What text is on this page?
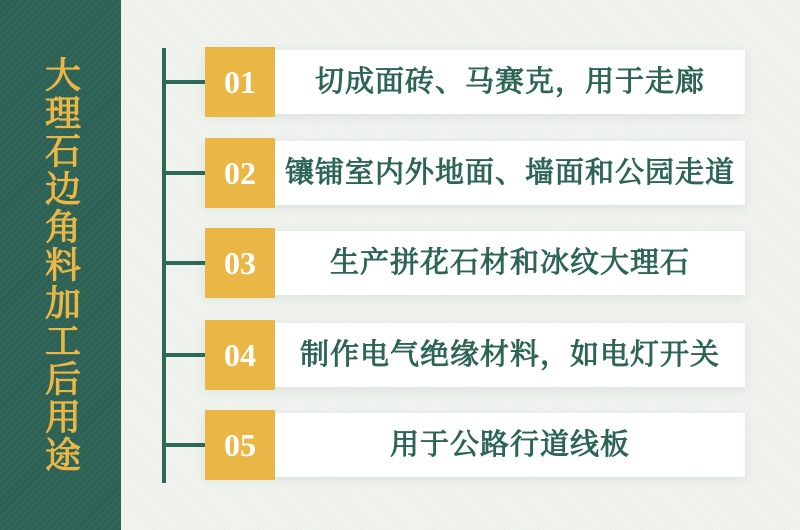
大理石边角料加工后用途	切成面砖、马赛克，用于走廊
01
镶铺室内外地面、墙面和公园走道
02
生产拼花石材和冰纹大理石
03
制作电气绝缘材料，如电灯开关
04
用于公路行道线板
05
